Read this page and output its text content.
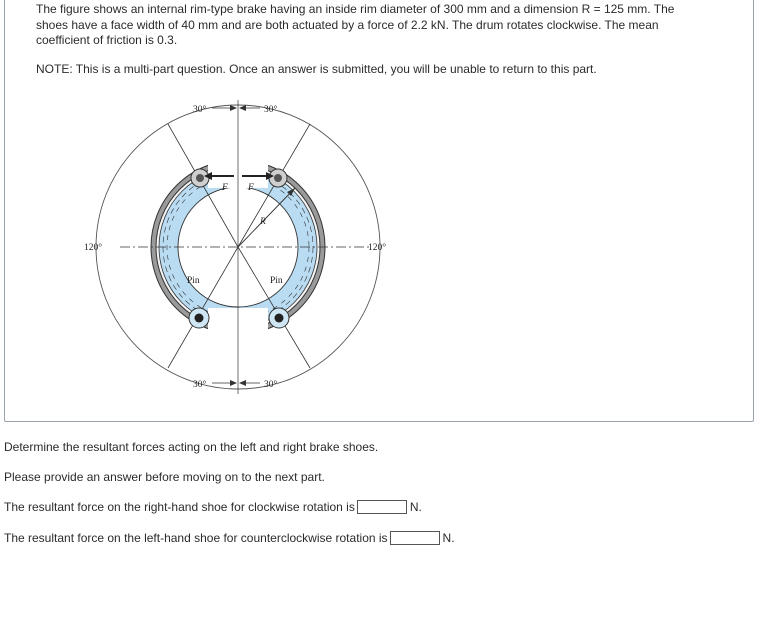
The figure shows an internal rim-type brake having an inside rim diameter of 300 mm and a dimension R = 125 mm. The
shoes have a face width of 40 mm and are both actuated by a force of 2.2 kN. The drum rotates clockwise. The mean
coefficient of friction is 0.3.

NOTE: This is a multi-part question. Once an answer is submitted, you will be unable to return to this part.

30°	30°
30°	30°
120°	120°
F F
R
Pin	Pin

Determine the resultant forces acting on the left and right brake shoes.

Please provide an answer before moving on to the next part.

The resultant force on the right-hand shoe for clockwise rotation is	N.
The resultant force on the left-hand shoe for counterclockwise rotation is	N.
